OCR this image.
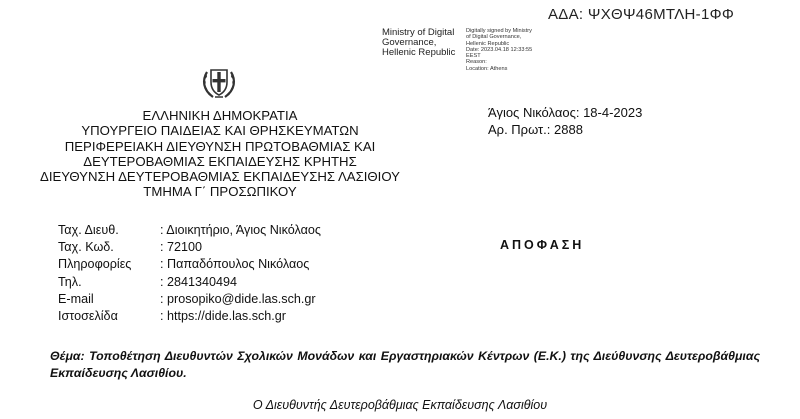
ΑΔΑ: ΨΧΘΨ46ΜΤΛΗ-1ΦΦ
Ministry of Digital
Governance,
Hellenic Republic
Digitally signed by Ministry
of Digital Governance,
Hellenic Republic
Date: 2023.04.18 12:33:55
EEST
Reason:
Location: Athens
ΕΛΛΗΝΙΚΗ ΔΗΜΟΚΡΑΤΙΑ
ΥΠΟΥΡΓΕΙΟ ΠΑΙΔΕΙΑΣ ΚΑΙ ΘΡΗΣΚΕΥΜΑΤΩΝ
ΠΕΡΙΦΕΡΕΙΑΚΗ ΔΙΕΥΘΥΝΣΗ ΠΡΩΤΟΒΑΘΜΙΑΣ ΚΑΙ
ΔΕΥΤΕΡΟΒΑΘΜΙΑΣ ΕΚΠΑΙΔΕΥΣΗΣ ΚΡΗΤΗΣ
ΔΙΕΥΘΥΝΣΗ ΔΕΥΤΕΡΟΒΑΘΜΙΑΣ ΕΚΠΑΙΔΕΥΣΗΣ ΛΑΣΙΘΙΟΥ
ΤΜΗΜΑ Γ΄ ΠΡΟΣΩΠΙΚΟΥ
Άγιος Νικόλαος: 18-4-2023
Αρ. Πρωτ.: 2888
Ταχ. Διευθ.	: Διοικητήριο, Άγιος Νικόλαος
Ταχ. Κωδ.	: 72100
Πληροφορίες	: Παπαδόπουλος Νικόλαος
Τηλ.	: 2841340494
E-mail	: prosopiko@dide.las.sch.gr
Ιστοσελίδα	: https://dide.las.sch.gr
ΑΠΟΦΑΣΗ
Θέμα: Τοποθέτηση Διευθυντών Σχολικών Μονάδων και Εργαστηριακών Κέντρων (Ε.Κ.) της Διεύθυνσης Δευτεροβάθμιας Εκπαίδευσης Λασιθίου.
Ο Διευθυντής Δευτεροβάθμιας Εκπαίδευσης Λασιθίου
